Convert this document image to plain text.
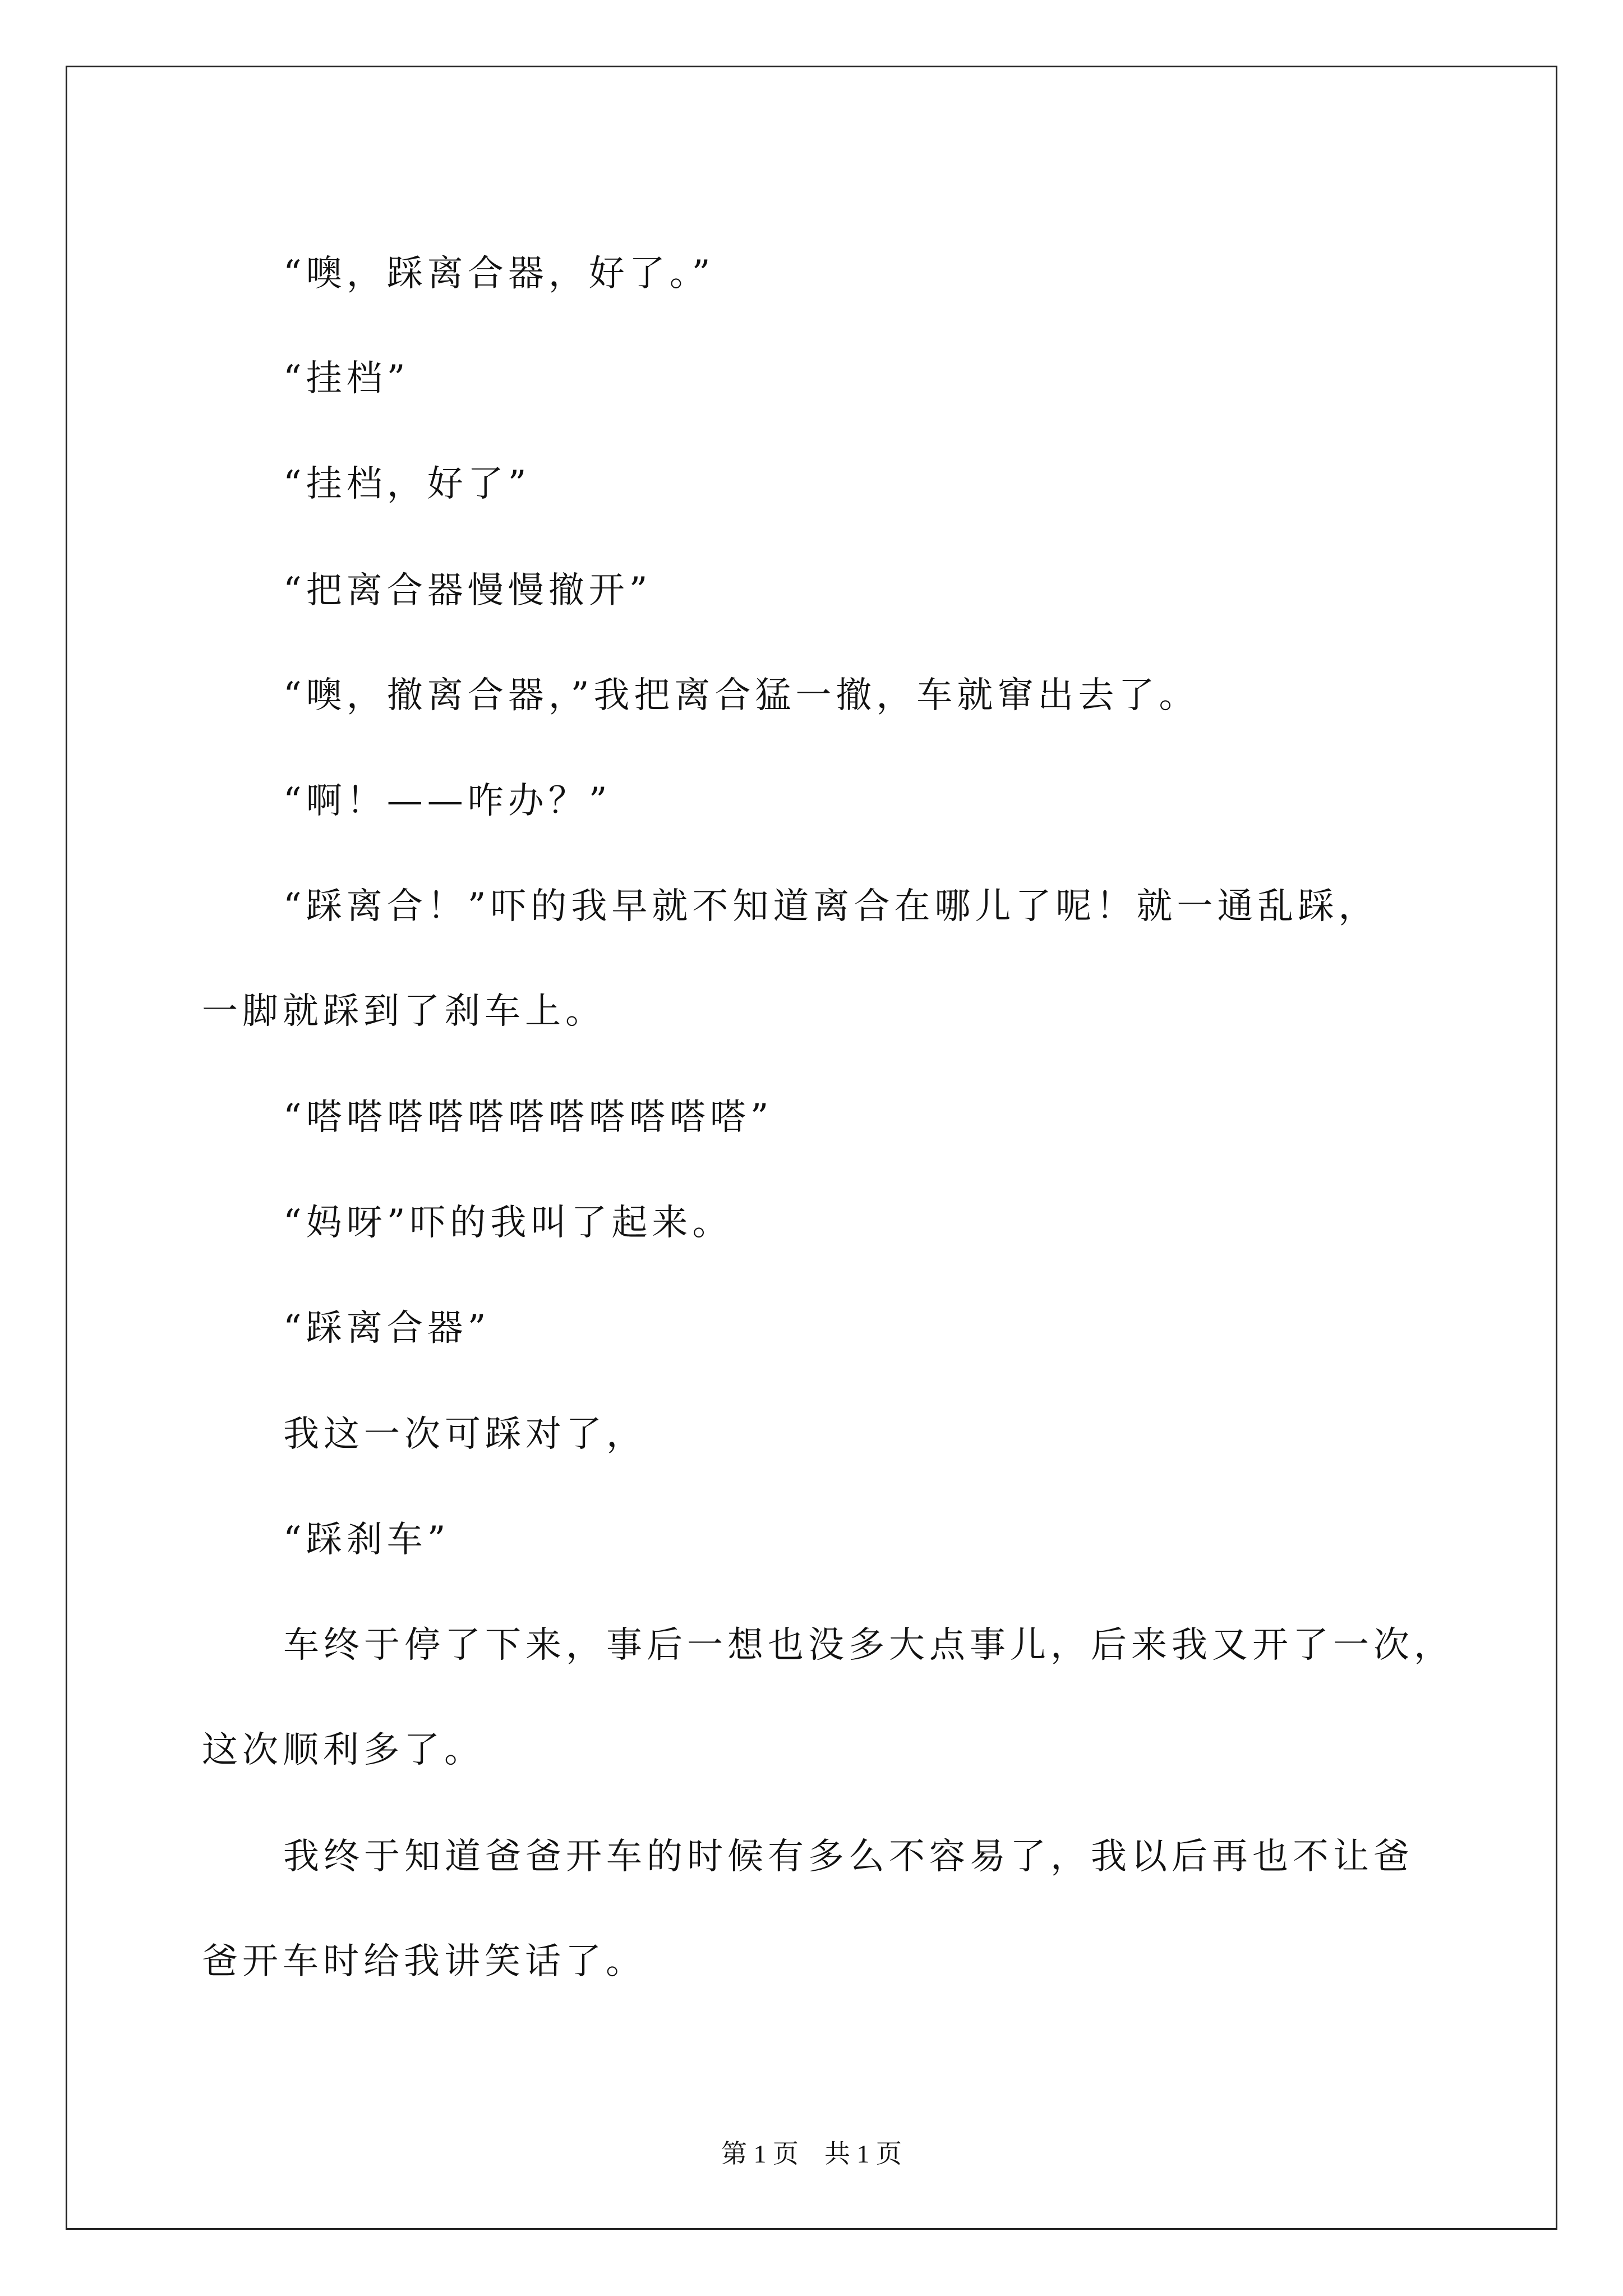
“噢，踩离合器，好了。”
“挂档”
“挂档，好了”
“把离合器慢慢撤开”
“噢，撤离合器，”我把离合猛一撤，车就窜出去了。
“啊！——咋办？”
“踩离合！”吓的我早就不知道离合在哪儿了呢！就一通乱踩，
一脚就踩到了刹车上。
“嗒嗒嗒嗒嗒嗒嗒嗒嗒嗒嗒”
“妈呀”吓的我叫了起来。
“踩离合器”
我这一次可踩对了，
“踩刹车”
车终于停了下来，事后一想也没多大点事儿，后来我又开了一次，
这次顺利多了。
我终于知道爸爸开车的时候有多么不容易了，我以后再也不让爸
爸开车时给我讲笑话了。
第 1 页　共 1 页
